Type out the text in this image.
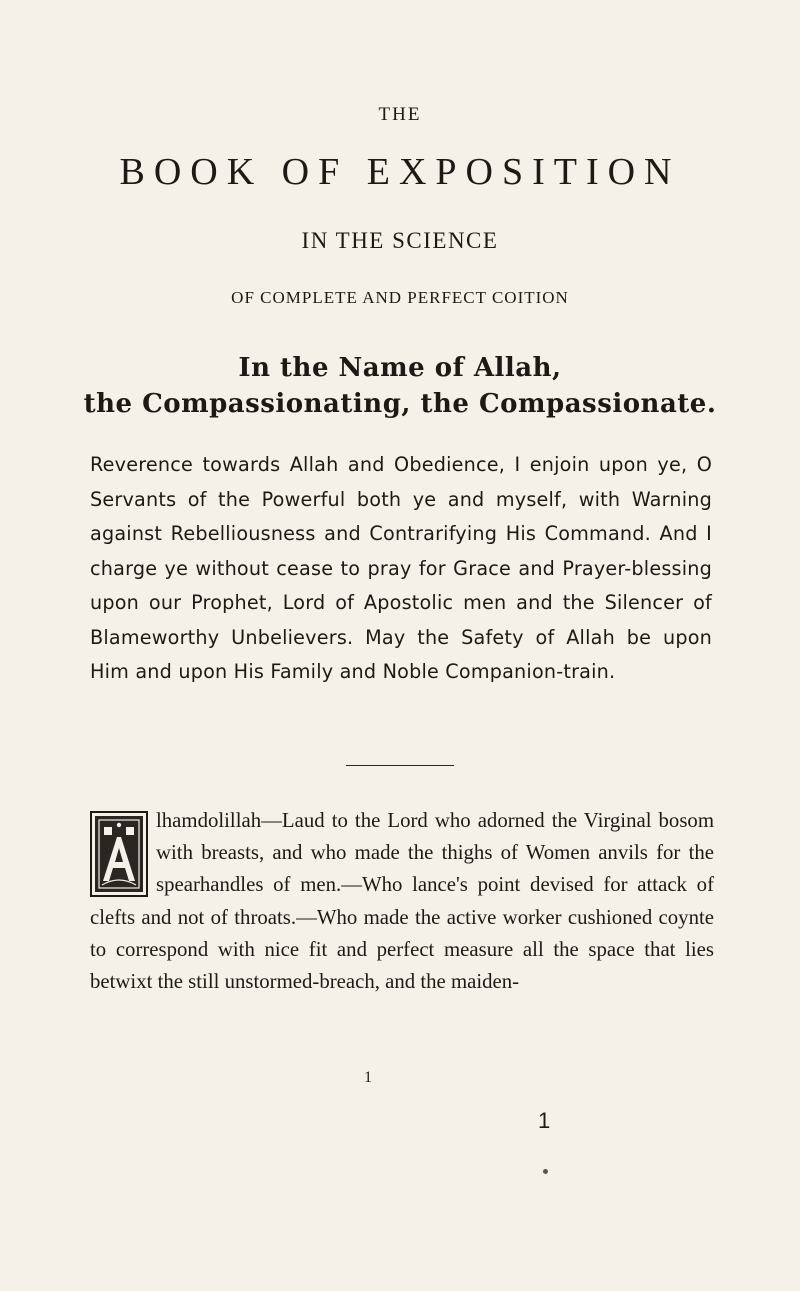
THE
BOOK OF EXPOSITION
IN THE SCIENCE
OF COMPLETE AND PERFECT COITION
In the Name of Allah,
the Compassionating, the Compassionate.
Reverence towards Allah and Obedience, I enjoin upon ye, O Servants of the Powerful both ye and myself, with Warning against Rebelliousness and Contrarifying His Command. And I charge ye without cease to pray for Grace and Prayer-blessing upon our Prophet, Lord of Apostolic men and the Silencer of Blameworthy Unbelievers. May the Safety of Allah be upon Him and upon His Family and Noble Companion-train.
lhamdolillah—Laud to the Lord who adorned the Virginal bosom with breasts, and who made the thighs of Women anvils for the spearhandles of men.—Who lance's point devised for attack of clefts and not of throats.—Who made the active worker cushioned coynte to correspond with nice fit and perfect measure all the space that lies betwixt the still unstormed-breach, and the maiden-
1
1
